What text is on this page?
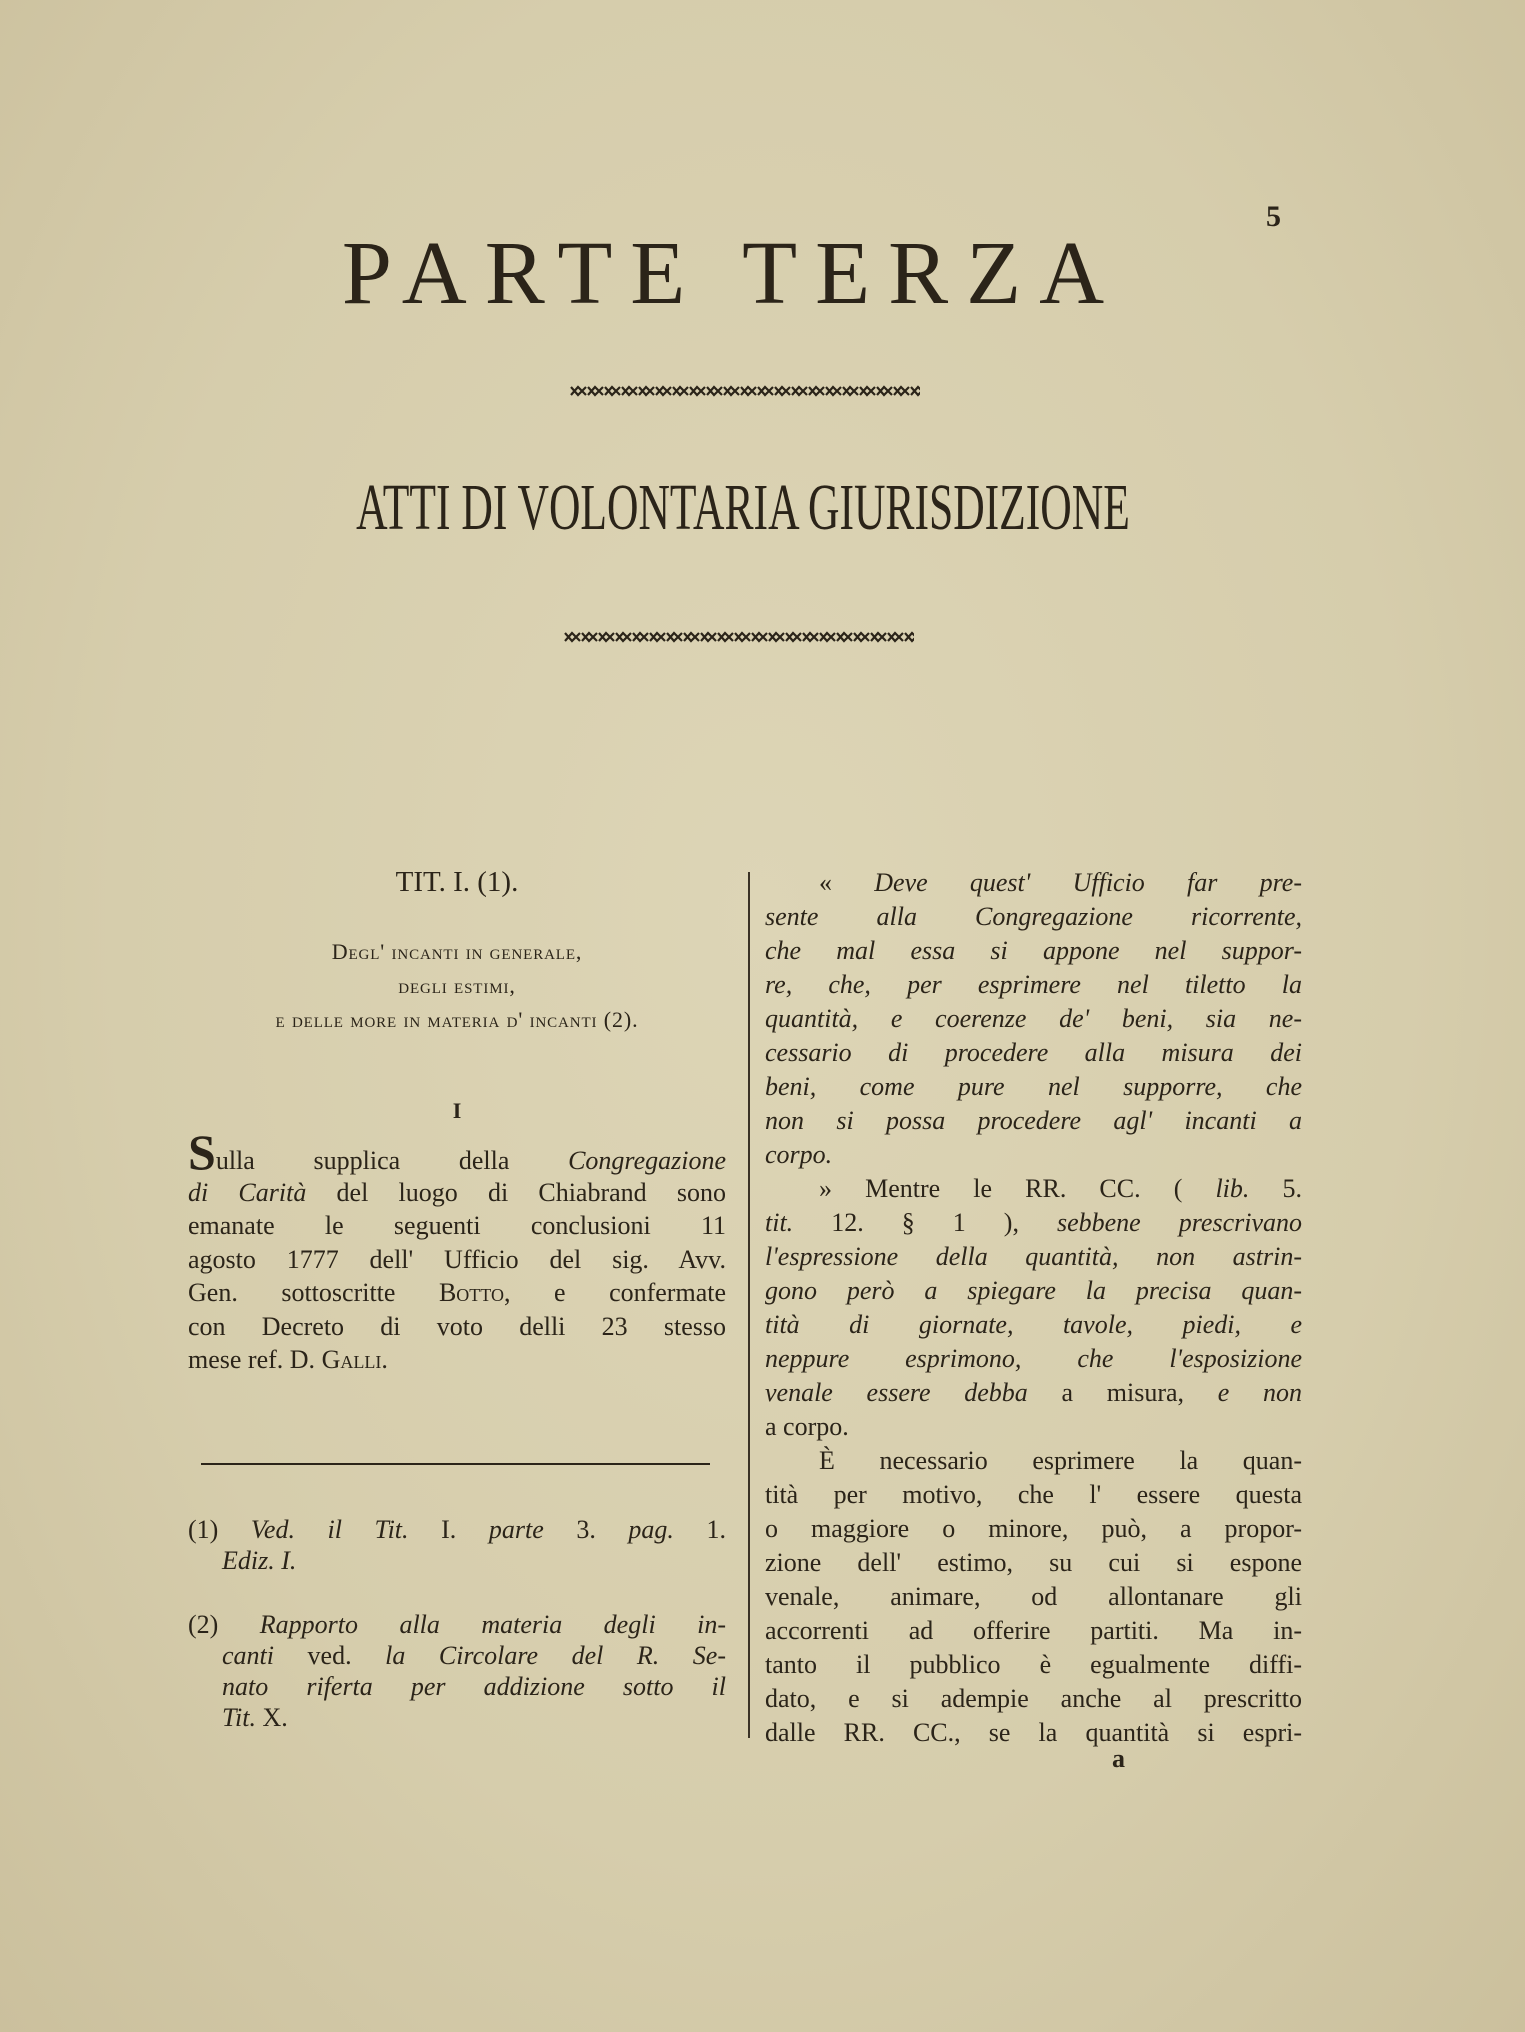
5
PARTE TERZA
ATTI DI VOLONTARIA GIURISDIZIONE
TIT. I. (1).
Degl' incanti in generale,
degli estimi,
e delle more in materia d' incanti (2).
I
Sulla supplica della Congregazione
di Carità del luogo di Chiabrand sono
emanate le seguenti conclusioni 11
agosto 1777 dell' Ufficio del sig. Avv.
Gen. sottoscritte Botto, e confermate
con Decreto di voto delli 23 stesso
mese ref. D. Galli.
(1) Ved. il Tit. I. parte 3. pag. 1.
Ediz. I.
(2) Rapporto alla materia degli in-
canti ved. la Circolare del R. Se-
nato riferta per addizione sotto il
Tit. X.
« Deve quest' Ufficio far pre-
sente alla Congregazione ricorrente,
che mal essa si appone nel suppor-
re, che, per esprimere nel tiletto la
quantità, e coerenze de' beni, sia ne-
cessario di procedere alla misura dei
beni, come pure nel supporre, che
non si possa procedere agl' incanti a
corpo.
» Mentre le RR. CC. ( lib. 5.
tit. 12. § 1 ), sebbene prescrivano
l'espressione della quantità, non astrin-
gono però a spiegare la precisa quan-
tità di giornate, tavole, piedi, e
neppure esprimono, che l'esposizione
venale essere debba a misura, e non
a corpo.
È necessario esprimere la quan-
tità per motivo, che l' essere questa
o maggiore o minore, può, a propor-
zione dell' estimo, su cui si espone
venale, animare, od allontanare gli
accorrenti ad offerire partiti. Ma in-
tanto il pubblico è egualmente diffi-
dato, e si adempie anche al prescritto
dalle RR. CC., se la quantità si espri-
a
